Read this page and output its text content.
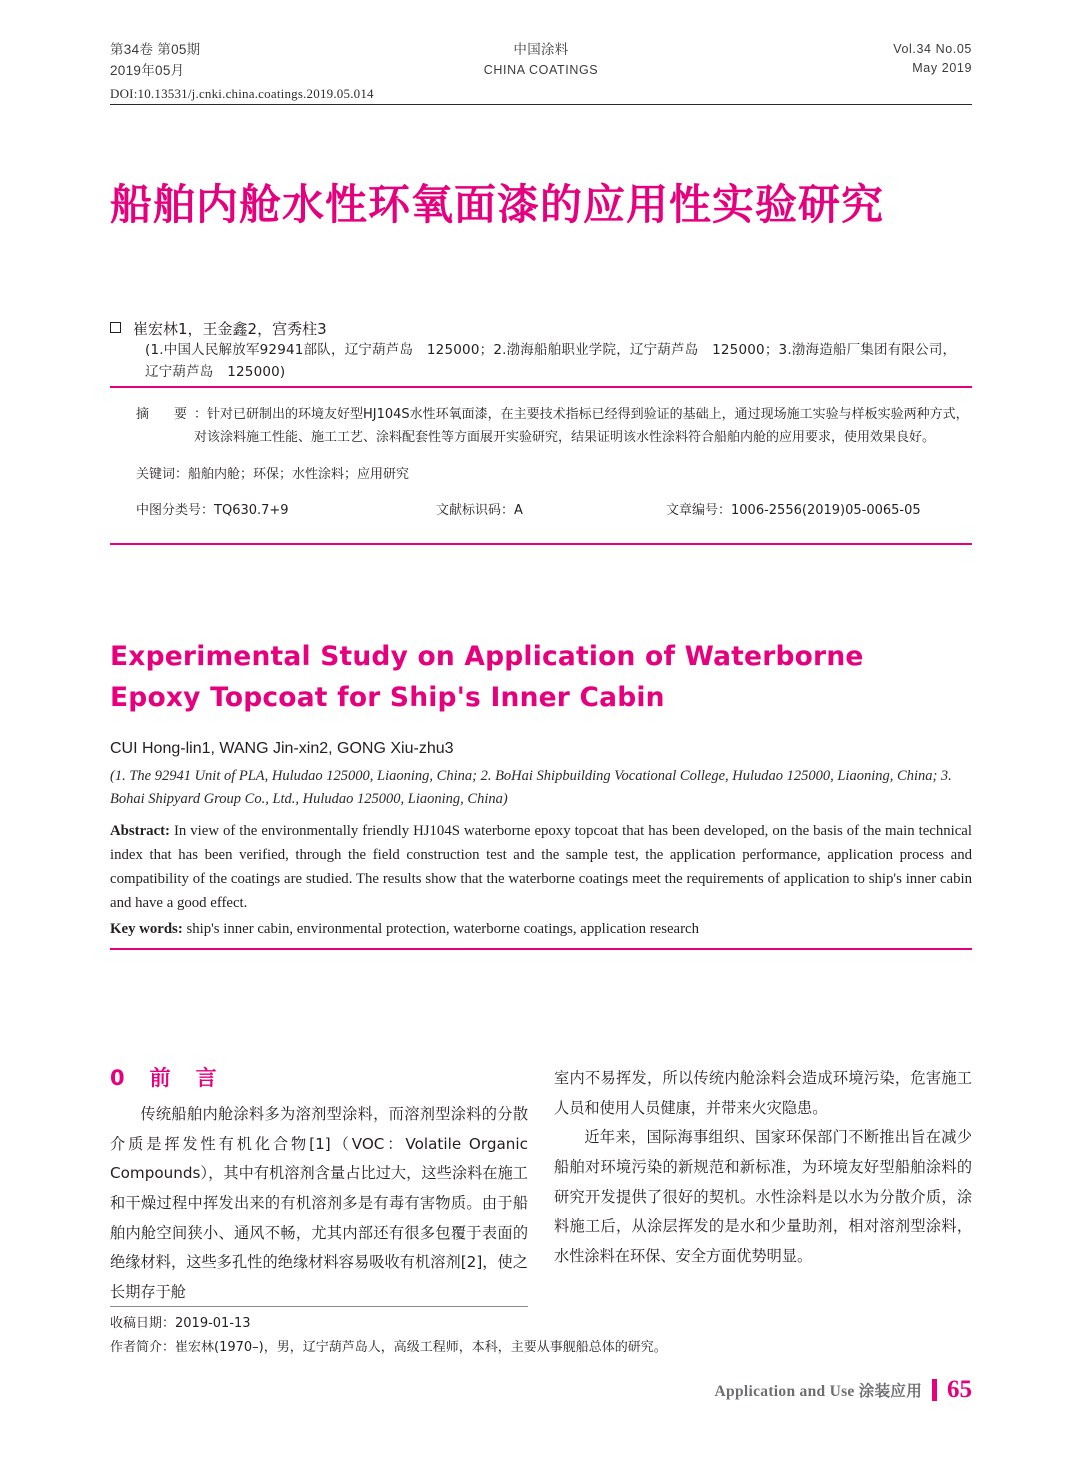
第34卷 第05期
2019年05月
中国涂料
CHINA COATINGS
Vol.34 No.05
May 2019
DOI:10.13531/j.cnki.china.coatings.2019.05.014
船舶内舱水性环氧面漆的应用性实验研究
崔宏林1，王金鑫2，宫秀柱3
(1.中国人民解放军92941部队，辽宁葫芦岛　125000；2.渤海船舶职业学院，辽宁葫芦岛　125000；3.渤海造船厂集团有限公司，辽宁葫芦岛　125000)
摘　要 ：针对已研制出的环境友好型HJ104S水性环氧面漆，在主要技术指标已经得到验证的基础上，通过现场施工实验与样板实验两种方式，对该涂料施工性能、施工工艺、涂料配套性等方面展开实验研究，结果证明该水性涂料符合船舶内舱的应用要求，使用效果良好。
关键词：船舶内舱；环保；水性涂料；应用研究
中图分类号：TQ630.7+9	文献标识码：A	文章编号：1006-2556(2019)05-0065-05
Experimental Study on Application of Waterborne Epoxy Topcoat for Ship's Inner Cabin
CUI Hong-lin1, WANG Jin-xin2, GONG Xiu-zhu3
(1. The 92941 Unit of PLA, Huludao 125000, Liaoning, China; 2. BoHai Shipbuilding Vocational College, Huludao 125000, Liaoning, China; 3. Bohai Shipyard Group Co., Ltd., Huludao 125000, Liaoning, China)
Abstract: In view of the environmentally friendly HJ104S waterborne epoxy topcoat that has been developed, on the basis of the main technical index that has been verified, through the field construction test and the sample test, the application performance, application process and compatibility of the coatings are studied. The results show that the waterborne coatings meet the requirements of application to ship's inner cabin and have a good effect.
Key words: ship's inner cabin, environmental protection, waterborne coatings, application research
0　前　言

传统船舶内舱涂料多为溶剂型涂料，而溶剂型涂料的分散介质是挥发性有机化合物[1]（VOC：Volatile Organic Compounds），其中有机溶剂含量占比过大，这些涂料在施工和干燥过程中挥发出来的有机溶剂多是有毒有害物质。由于船舶内舱空间狭小、通风不畅，尤其内部还有很多包覆于表面的绝缘材料，这些多孔性的绝缘材料容易吸收有机溶剂[2]，使之长期存于舱

室内不易挥发，所以传统内舱涂料会造成环境污染，危害施工人员和使用人员健康，并带来火灾隐患。

近年来，国际海事组织、国家环保部门不断推出旨在减少船舶对环境污染的新规范和新标准，为环境友好型船舶涂料的研究开发提供了很好的契机。水性涂料是以水为分散介质，涂料施工后，从涂层挥发的是水和少量助剂，相对溶剂型涂料，水性涂料在环保、安全方面优势明显。

收稿日期：2019-01-13
作者简介：崔宏林(1970–)，男，辽宁葫芦岛人，高级工程师，本科，主要从事舰船总体的研究。
Application and Use 涂装应用 65
